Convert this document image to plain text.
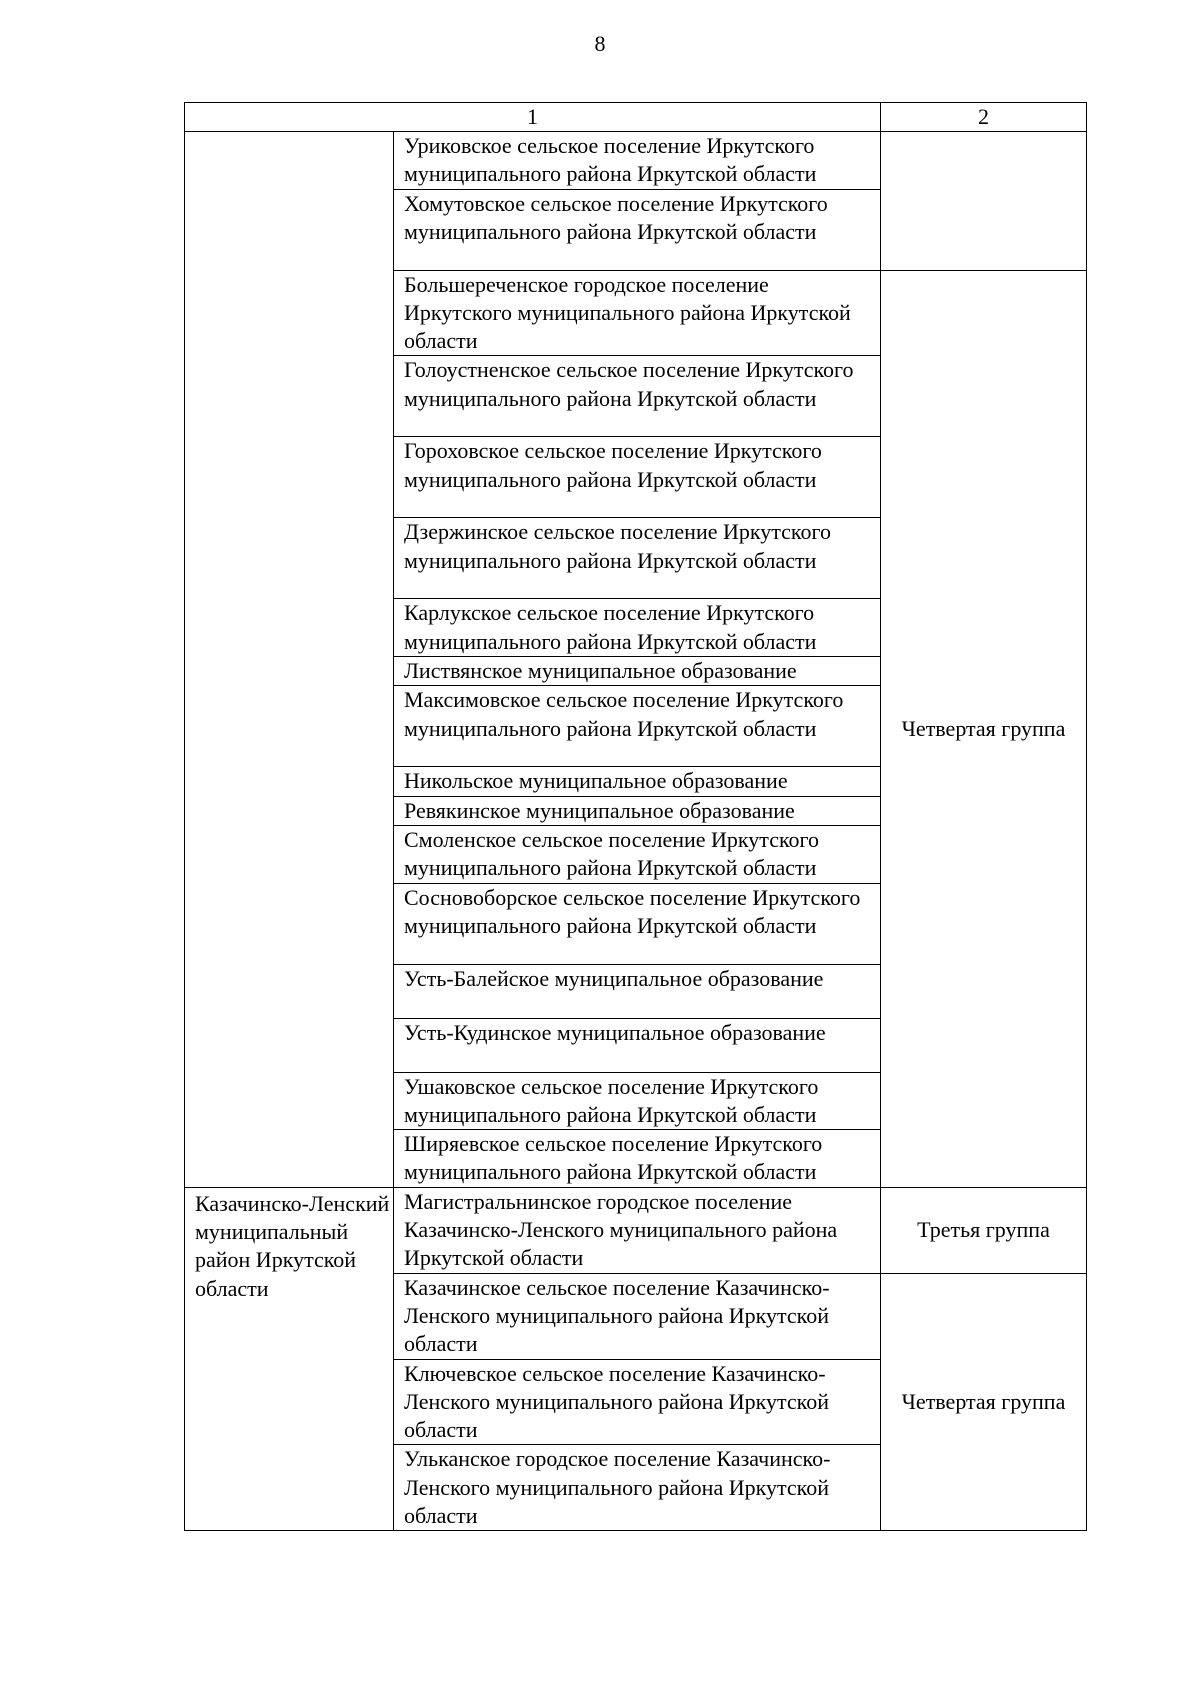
8
1		2
	Уриковское сельское поселение Иркутского муниципального района Иркутской области	
	Хомутовское сельское поселение Иркутского муниципального района Иркутской области	
	Большереченское городское поселение Иркутского муниципального района Иркутской области	Четвертая группа
	Голоустненское сельское поселение Иркутского муниципального района Иркутской области	
	Гороховское сельское поселение Иркутского муниципального района Иркутской области	
	Дзержинское сельское поселение Иркутского муниципального района Иркутской области	
	Карлукское сельское поселение Иркутского муниципального района Иркутской области	
	Листвянское муниципальное образование	
	Максимовское сельское поселение Иркутского муниципального района Иркутской области	
	Никольское муниципальное образование	
	Ревякинское муниципальное образование	
	Смоленское сельское поселение Иркутского муниципального района Иркутской области	
	Сосновоборское сельское поселение Иркутского муниципального района Иркутской области	
	Усть-Балейское муниципальное образование	
	Усть-Кудинское муниципальное образование	
	Ушаковское сельское поселение Иркутского муниципального района Иркутской области	
	Ширяевское сельское поселение Иркутского муниципального района Иркутской области	
Казачинско-Ленский муниципальный район Иркутской области	Магистральнинское городское поселение Казачинско-Ленского муниципального района Иркутской области	Третья группа
	Казачинское сельское поселение Казачинско-Ленского муниципального района Иркутской области	Четвертая группа
	Ключевское сельское поселение Казачинско-Ленского муниципального района Иркутской области	
	Ульканское городское поселение Казачинско-Ленского муниципального района Иркутской области	
